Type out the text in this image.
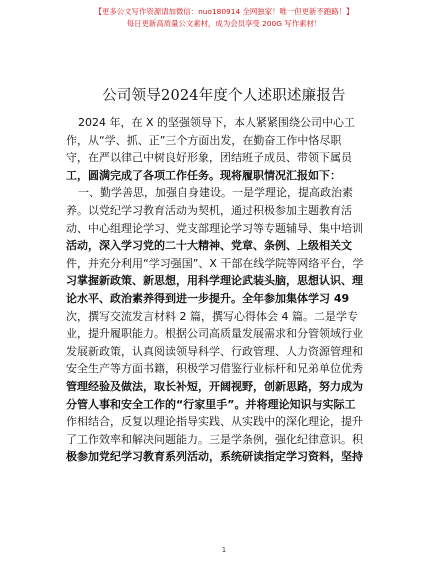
【更多公文写作资源请加微信：nuo180914 全网独家！唯一但更新不跑路！】
每日更新高质量公文素材，成为会员享受 200G 写作素材！
公司领导2024年度个人述职述廉报告

2024 年，在 X 的坚强领导下，本人紧紧围绕公司中心工

作，从“学、抓、正”三个方面出发，在勤奋工作中恪尽职

守，在严以律己中树良好形象，团结班子成员、带领下属员

工，圆满完成了各项工作任务。现将履职情况汇报如下：

一、勤学善思，加强自身建设。一是学理论，提高政治素

养。以党纪学习教育活动为契机，通过积极参加主题教育活

动、中心组理论学习、党支部理论学习等专题辅导、集中培训

活动，深入学习党的二十大精神、党章、条例、上级相关文

件，并充分利用“学习强国”、X 干部在线学院等网络平台，学

习掌握新政策、新思想，用科学理论武装头脑，思想认识、理

论水平、政治素养得到进一步提升。全年参加集体学习 49

次，撰写交流发言材料 2 篇，撰写心得体会 4 篇。二是学专

业，提升履职能力。根据公司高质量发展需求和分管领域行业

发展新政策，认真阅读领导科学、行政管理、人力资源管理和

安全生产等方面书籍，积极学习借鉴行业标杆和兄弟单位优秀

管理经验及做法，取长补短，开阔视野，创新思路，努力成为

分管人事和安全工作的“行家里手”。并将理论知识与实际工

作相结合，反复以理论指导实践、从实践中的深化理论，提升

了工作效率和解决问题能力。三是学条例，强化纪律意识。积

极参加党纪学习教育系列活动，系统研读指定学习资料，坚持

1
